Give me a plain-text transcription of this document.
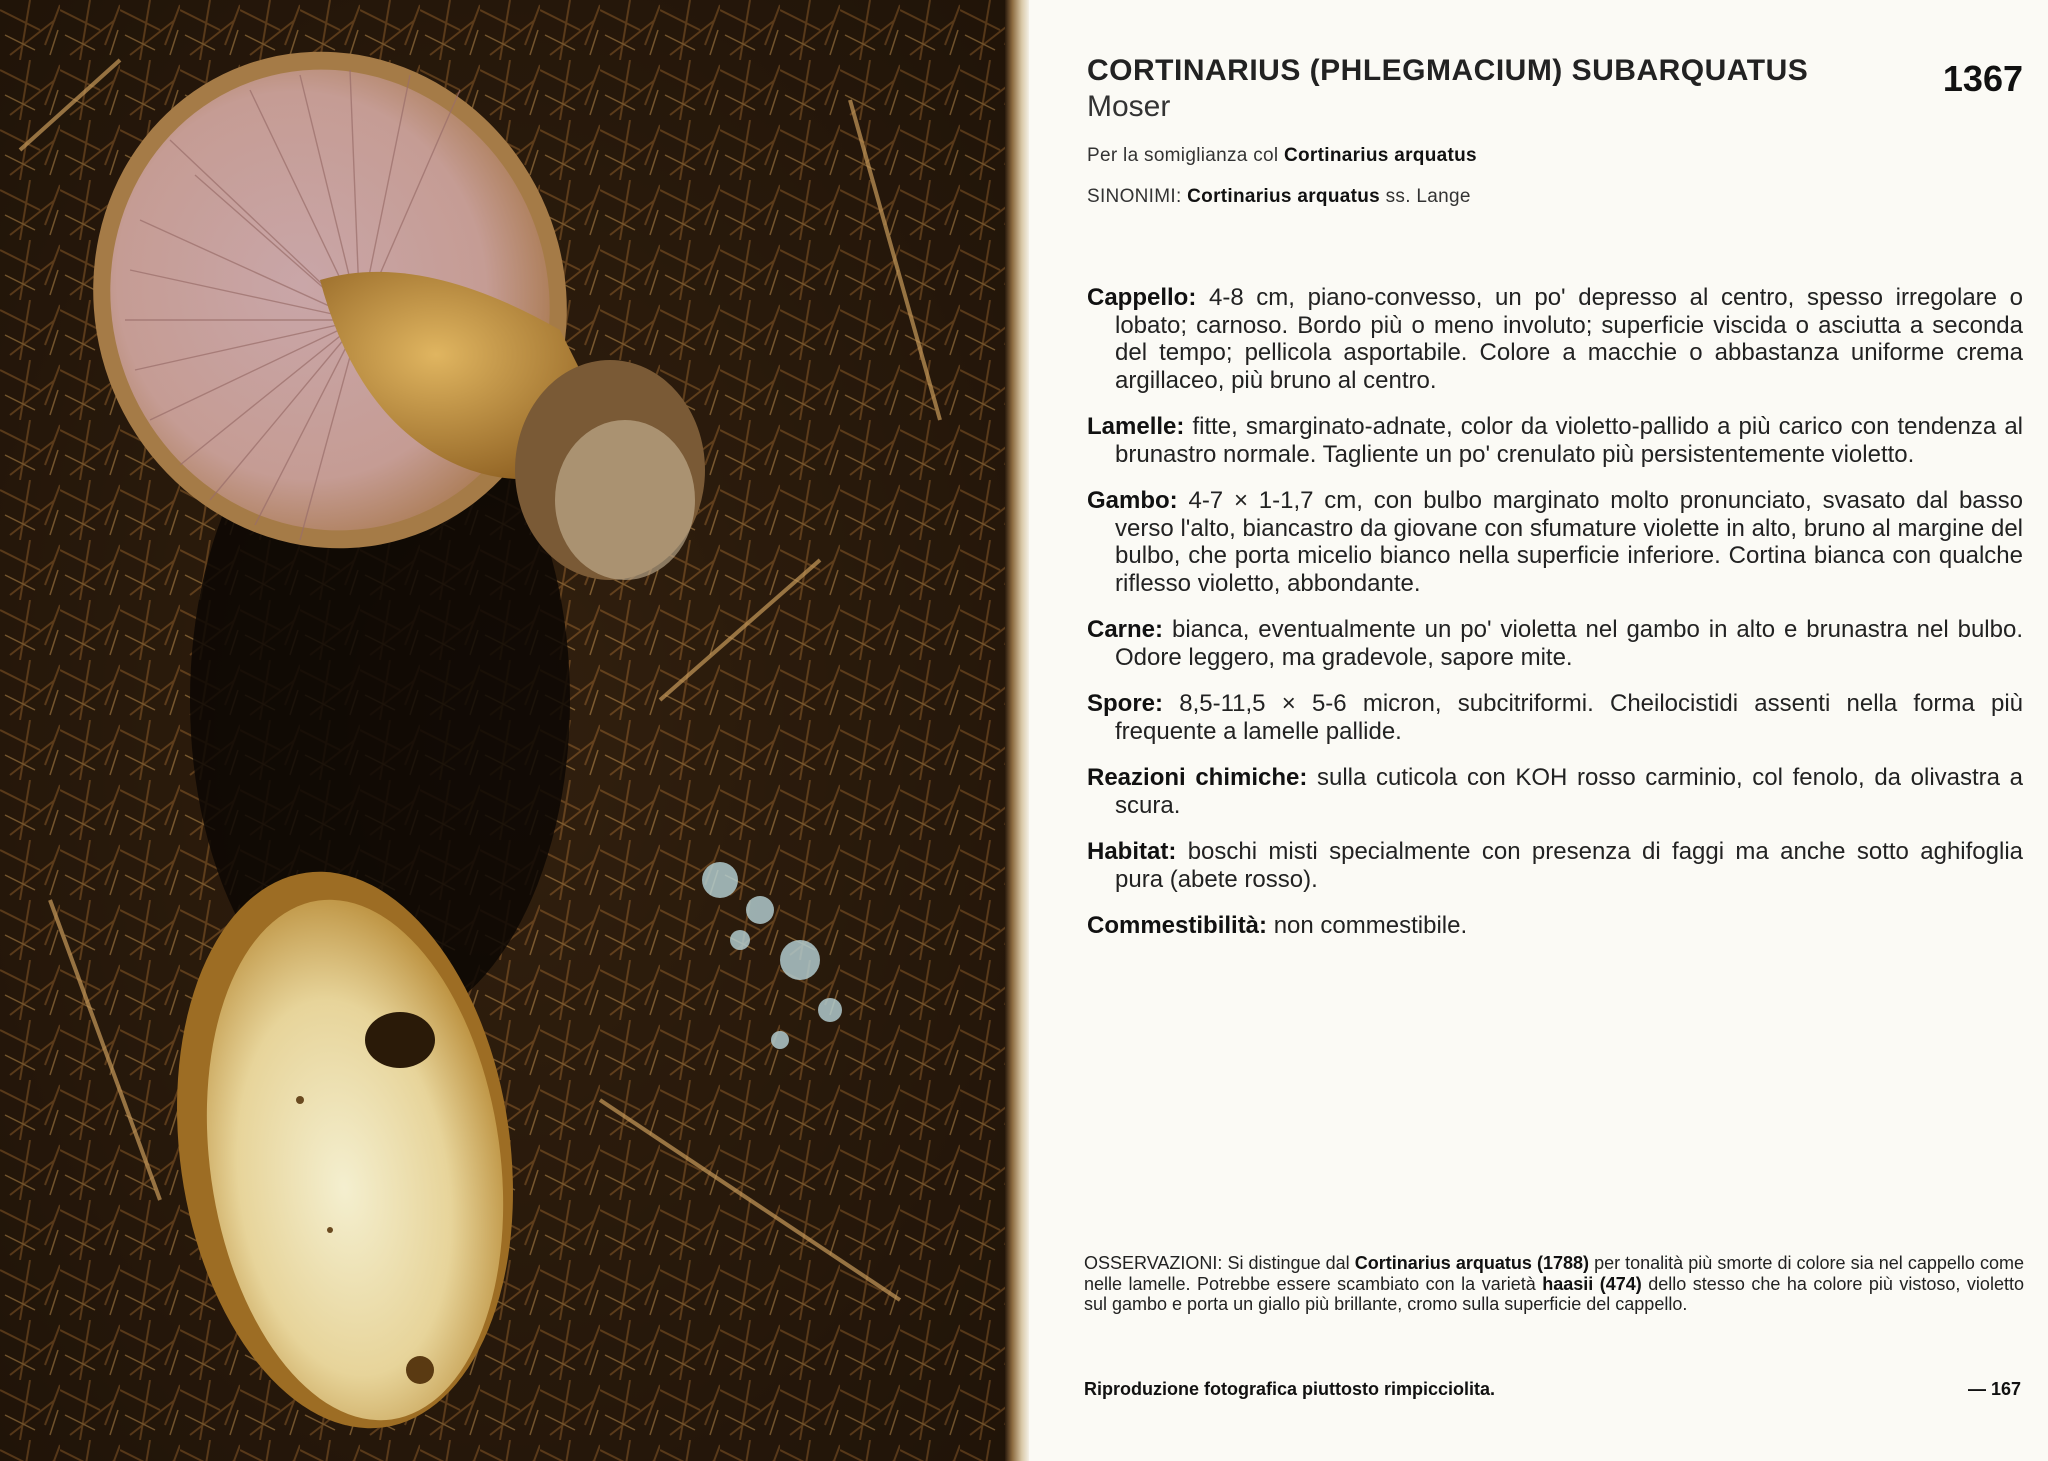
CORTINARIUS (PHLEGMACIUM) SUBARQUATUS
Moser
1367
Per la somiglianza col Cortinarius arquatus
SINONIMI: Cortinarius arquatus ss. Lange

Cappello: 4-8 cm, piano-convesso, un po' depresso al centro, spesso irregolare o lobato; carnoso. Bordo più o meno involuto; superficie viscida o asciutta a seconda del tempo; pellicola asportabile. Colore a macchie o abbastanza uniforme crema argillaceo, più bruno al centro.

Lamelle: fitte, smarginato-adnate, color da violetto-pallido a più carico con tendenza al brunastro normale. Tagliente un po' crenulato più persistentemente violetto.

Gambo: 4-7 × 1-1,7 cm, con bulbo marginato molto pronunciato, svasato dal basso verso l'alto, biancastro da giovane con sfumature violette in alto, bruno al margine del bulbo, che porta micelio bianco nella superficie inferiore. Cortina bianca con qualche riflesso violetto, abbondante.

Carne: bianca, eventualmente un po' violetta nel gambo in alto e brunastra nel bulbo. Odore leggero, ma gradevole, sapore mite.

Spore: 8,5-11,5 × 5-6 micron, subcitriformi. Cheilocistidi assenti nella forma più frequente a lamelle pallide.

Reazioni chimiche: sulla cuticola con KOH rosso carminio, col fenolo, da olivastra a scura.

Habitat: boschi misti specialmente con presenza di faggi ma anche sotto aghifoglia pura (abete rosso).

Commestibilità: non commestibile.

OSSERVAZIONI: Si distingue dal Cortinarius arquatus (1788) per tonalità più smorte di colore sia nel cappello come nelle lamelle. Potrebbe essere scambiato con la varietà haasii (474) dello stesso che ha colore più vistoso, violetto sul gambo e porta un giallo più brillante, cromo sulla superficie del cappello.
Riproduzione fotografica piuttosto rimpicciolita.	— 167
